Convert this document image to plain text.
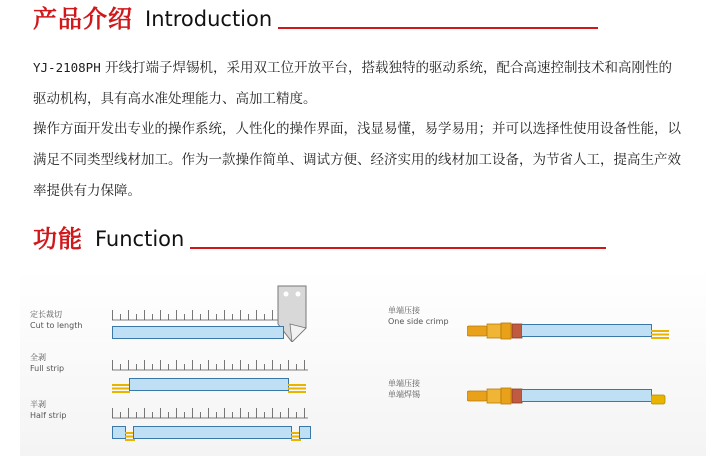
产品介绍 Introduction
YJ-2108PH 开线打端子焊锡机，采用双工位开放平台，搭载独特的驱动系统，配合高速控制技术和高刚性的驱动机构，具有高水准处理能力、高加工精度。
操作方面开发出专业的操作系统，人性化的操作界面，浅显易懂，易学易用；并可以选择性使用设备性能，以满足不同类型线材加工。作为一款操作简单、调试方便、经济实用的线材加工设备，为节省人工，提高生产效率提供有力保障。
功能 Function
定长裁切
Cut to length
全剥
Full strip
半剥
Half strip
单端压接
One side crimp
单端压接
单端焊锡
